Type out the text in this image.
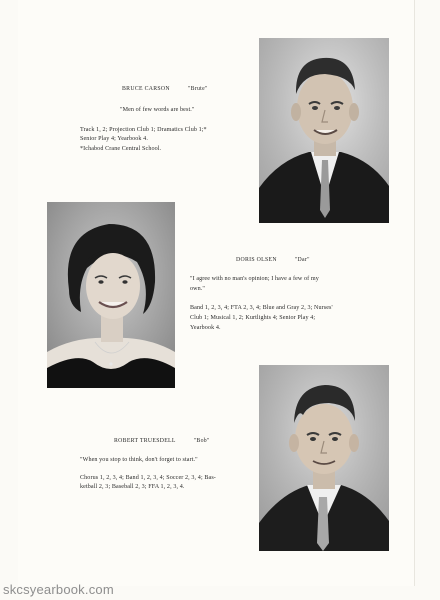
BRUCE CARSON	"Brute"
"Men of few words are best."
Track 1, 2; Projection Club 1; Dramatics Club 1;*
Senior Play 4; Yearbook 4.
*Ichabod Crane Central School.
DORIS OLSEN	"Dar"
"I agree with no man's opinion; I have a few of my
own."
Band 1, 2, 3, 4; FTA 2, 3, 4; Blue and Gray 2, 3; Nurses'
Club 1; Musical 1, 2; Kurtlights 4; Senior Play 4;
Yearbook 4.
ROBERT TRUESDELL	"Bob"
"When you stop to think, don't forget to start."
Chorus 1, 2, 3, 4; Band 1, 2, 3, 4; Soccer 2, 3, 4; Bas-
ketball 2, 3; Baseball 2, 3; FFA 1, 2, 3, 4.
skcsyearbook.com
